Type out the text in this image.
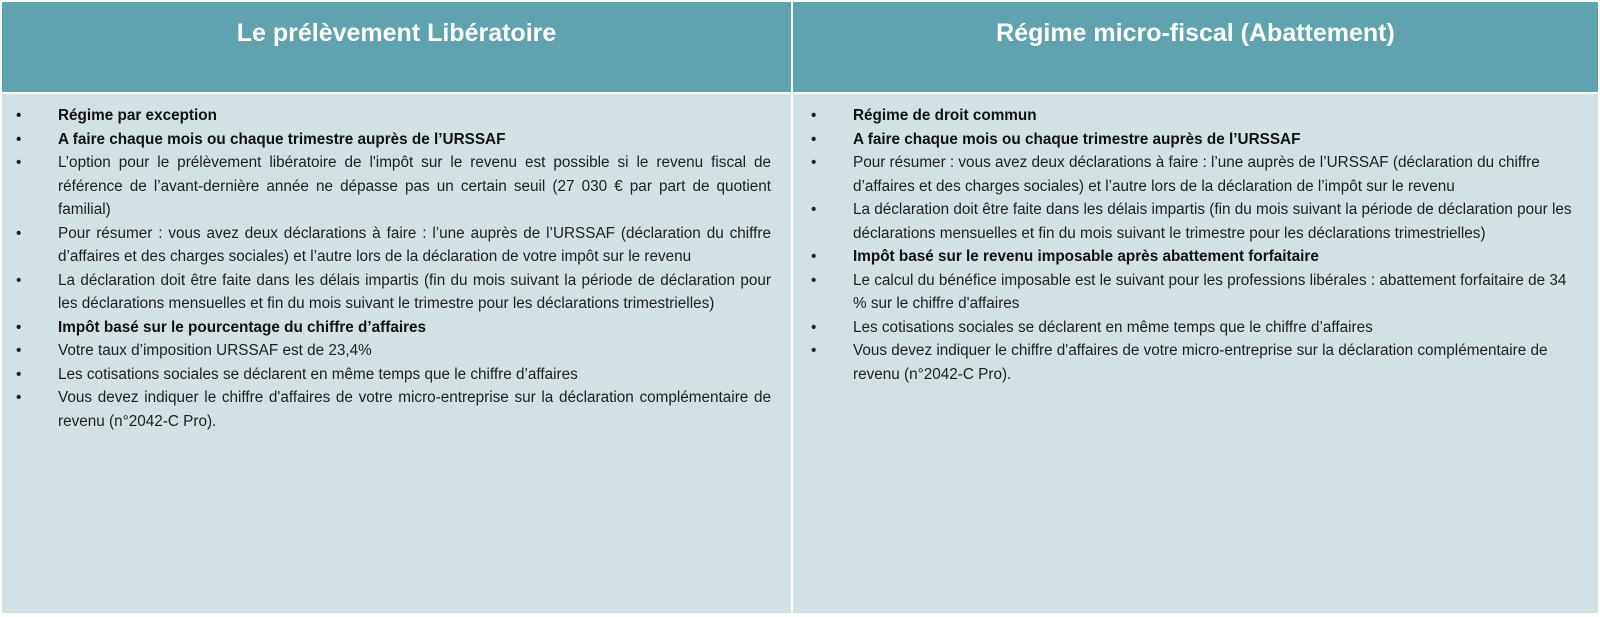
Le prélèvement Libératoire	Régime micro-fiscal (Abattement)
• Régime par exception
• A faire chaque mois ou chaque trimestre auprès de l’URSSAF
• L’option pour le prélèvement libératoire de l'impôt sur le revenu est possible si le revenu fiscal de référence de l’avant-dernière année ne dépasse pas un certain seuil (27 030 € par part de quotient familial)
• Pour résumer : vous avez deux déclarations à faire : l’une auprès de l’URSSAF (déclaration du chiffre d’affaires et des charges sociales) et l’autre lors de la déclaration de votre impôt sur le revenu
• La déclaration doit être faite dans les délais impartis (fin du mois suivant la période de déclaration pour les déclarations mensuelles et fin du mois suivant le trimestre pour les déclarations trimestrielles)
• Impôt basé sur le pourcentage du chiffre d’affaires
• Votre taux d’imposition URSSAF est de 23,4%
• Les cotisations sociales se déclarent en même temps que le chiffre d’affaires
• Vous devez indiquer le chiffre d'affaires de votre micro-entreprise sur la déclaration complémentaire de revenu (n°2042-C Pro).
• Régime de droit commun
• A faire chaque mois ou chaque trimestre auprès de l’URSSAF
• Pour résumer : vous avez deux déclarations à faire : l’une auprès de l’URSSAF (déclaration du chiffre d’affaires et des charges sociales) et l’autre lors de la déclaration de l’impôt sur le revenu
• La déclaration doit être faite dans les délais impartis (fin du mois suivant la période de déclaration pour les déclarations mensuelles et fin du mois suivant le trimestre pour les déclarations trimestrielles)
• Impôt basé sur le revenu imposable après abattement forfaitaire
• Le calcul du bénéfice imposable est le suivant pour les professions libérales : abattement forfaitaire de 34 % sur le chiffre d'affaires
• Les cotisations sociales se déclarent en même temps que le chiffre d’affaires
• Vous devez indiquer le chiffre d'affaires de votre micro-entreprise sur la déclaration complémentaire de revenu (n°2042-C Pro).
